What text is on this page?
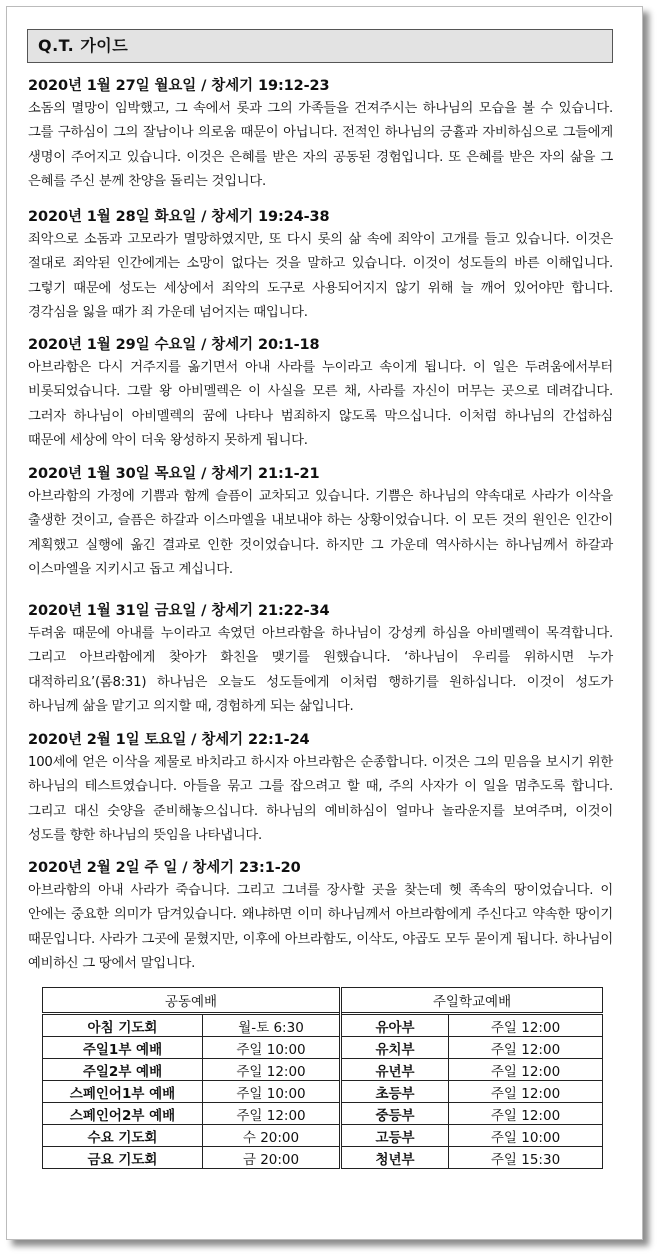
Q.T. 가이드
2020년 1월 27일 월요일 / 창세기 19:12-23

소돔의 멸망이 임박했고, 그 속에서 롯과 그의 가족들을 건져주시는 하나님의 모습을 볼 수 있습니다. 그를 구하심이 그의 잘남이나 의로움 때문이 아닙니다. 전적인 하나님의 긍휼과 자비하심으로 그들에게 생명이 주어지고 있습니다. 이것은 은혜를 받은 자의 공동된 경험입니다. 또 은혜를 받은 자의 삶을 그 은혜를 주신 분께 찬양을 돌리는 것입니다.

2020년 1월 28일 화요일 / 창세기 19:24-38

죄악으로 소돔과 고모라가 멸망하였지만, 또 다시 롯의 삶 속에 죄악이 고개를 들고 있습니다. 이것은 절대로 죄악된 인간에게는 소망이 없다는 것을 말하고 있습니다. 이것이 성도들의 바른 이해입니다. 그렇기 때문에 성도는 세상에서 죄악의 도구로 사용되어지지 않기 위해 늘 깨어 있어야만 합니다. 경각심을 잃을 때가 죄 가운데 넘어지는 때입니다.

2020년 1월 29일 수요일 / 창세기 20:1-18

아브라함은 다시 거주지를 옮기면서 아내 사라를 누이라고 속이게 됩니다. 이 일은 두려움에서부터 비롯되었습니다. 그랄 왕 아비멜렉은 이 사실을 모른 채, 사라를 자신이 머무는 곳으로 데려갑니다. 그러자 하나님이 아비멜렉의 꿈에 나타나 범죄하지 않도록 막으십니다. 이처럼 하나님의 간섭하심 때문에 세상에 악이 더욱 왕성하지 못하게 됩니다.

2020년 1월 30일 목요일 / 창세기 21:1-21

아브라함의 가정에 기쁨과 함께 슬픔이 교차되고 있습니다. 기쁨은 하나님의 약속대로 사라가 이삭을 출생한 것이고, 슬픔은 하갈과 이스마엘을 내보내야 하는 상황이었습니다. 이 모든 것의 원인은 인간이 계획했고 실행에 옮긴 결과로 인한 것이었습니다. 하지만 그 가운데 역사하시는 하나님께서 하갈과 이스마엘을 지키시고 돕고 계십니다.

2020년 1월 31일 금요일 / 창세기 21:22-34

두려움 때문에 아내를 누이라고 속였던 아브라함을 하나님이 강성케 하심을 아비멜렉이 목격합니다. 그리고 아브라함에게 찾아가 화친을 맺기를 원했습니다. ‘하나님이 우리를 위하시면 누가 대적하리요’(롬8:31) 하나님은 오늘도 성도들에게 이처럼 행하기를 원하십니다. 이것이 성도가 하나님께 삶을 맡기고 의지할 때, 경험하게 되는 삶입니다.

2020년 2월 1일 토요일 / 창세기 22:1-24

100세에 얻은 이삭을 제물로 바치라고 하시자 아브라함은 순종합니다. 이것은 그의 믿음을 보시기 위한 하나님의 테스트였습니다. 아들을 묶고 그를 잡으려고 할 때, 주의 사자가 이 일을 멈추도록 합니다. 그리고 대신 숫양을 준비해놓으십니다. 하나님의 예비하심이 얼마나 놀라운지를 보여주며, 이것이 성도를 향한 하나님의 뜻임을 나타냅니다.

2020년 2월 2일 주 일 / 창세기 23:1-20

아브라함의 아내 사라가 죽습니다. 그리고 그녀를 장사할 곳을 찾는데 헷 족속의 땅이었습니다. 이 안에는 중요한 의미가 담겨있습니다. 왜냐하면 이미 하나님께서 아브라함에게 주신다고 약속한 땅이기 때문입니다. 사라가 그곳에 묻혔지만, 이후에 아브라함도, 이삭도, 야곱도 모두 묻이게 됩니다. 하나님이 예비하신 그 땅에서 말입니다.

공동예배		주일학교예배	
아침 기도회	월-토 6:30	유아부	주일 12:00
주일1부 예배	주일 10:00	유치부	주일 12:00
주일2부 예배	주일 12:00	유년부	주일 12:00
스페인어1부 예배	주일 10:00	초등부	주일 12:00
스페인어2부 예배	주일 12:00	중등부	주일 12:00
수요 기도회	수 20:00	고등부	주일 10:00
금요 기도회	금 20:00	청년부	주일 15:30
